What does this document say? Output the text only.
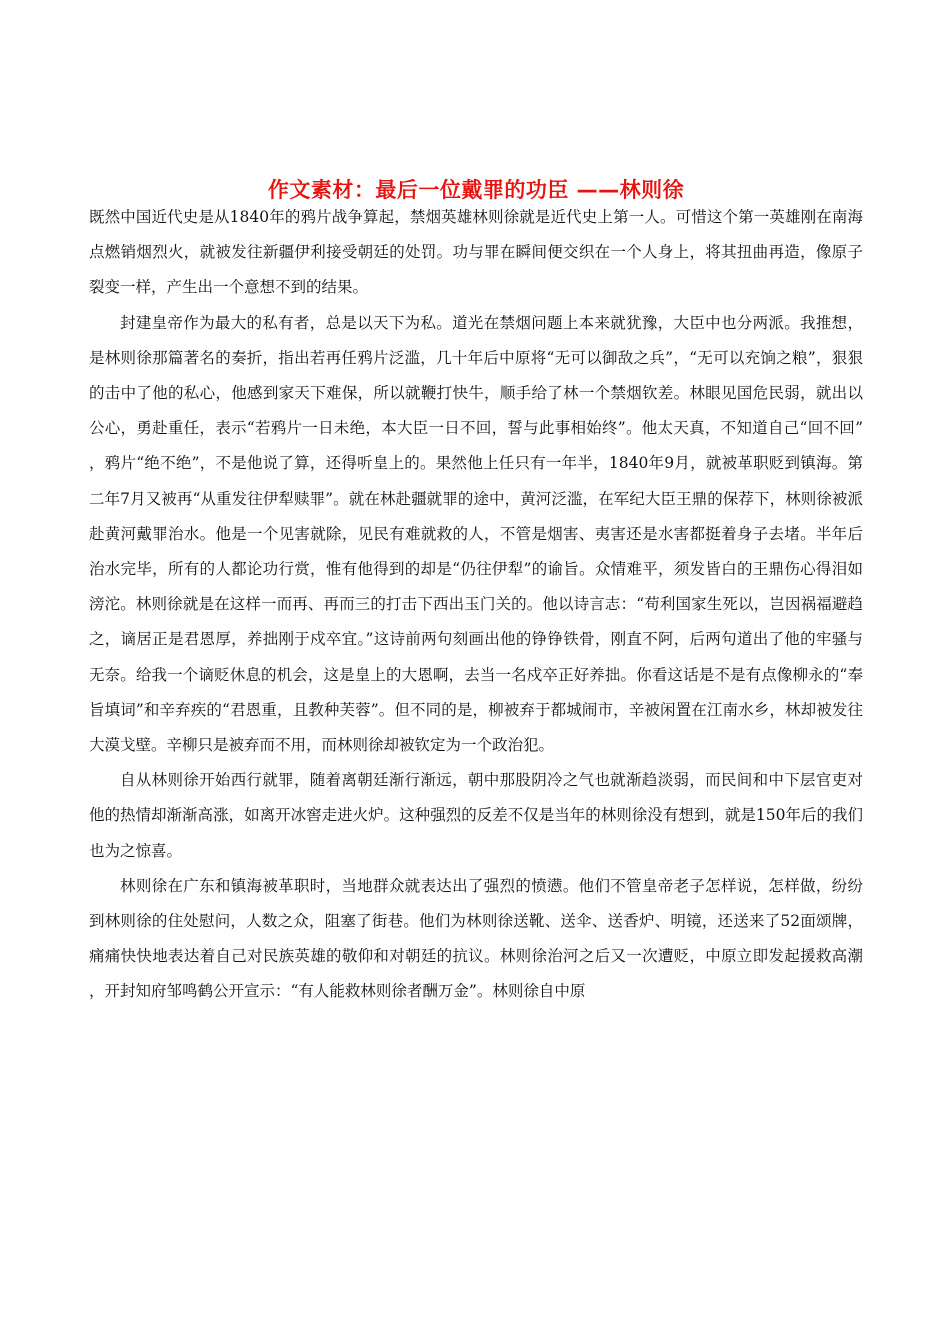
作文素材：最后一位戴罪的功臣 ——林则徐

既然中国近代史是从1840年的鸦片战争算起，禁烟英雄林则徐就是近代史上第一人。可惜这个第一英雄刚在南海点燃销烟烈火，就被发往新疆伊利接受朝廷的处罚。功与罪在瞬间便交织在一个人身上，将其扭曲再造，像原子裂变一样，产生出一个意想不到的结果。

封建皇帝作为最大的私有者，总是以天下为私。道光在禁烟问题上本来就犹豫，大臣中也分两派。我推想，是林则徐那篇著名的奏折，指出若再任鸦片泛滥，几十年后中原将“无可以御敌之兵”，“无可以充饷之粮”，狠狠的击中了他的私心，他感到家天下难保，所以就鞭打快牛，顺手给了林一个禁烟钦差。林眼见国危民弱，就出以公心，勇赴重任，表示“若鸦片一日未绝，本大臣一日不回，誓与此事相始终”。他太天真，不知道自己“回不回”，鸦片“绝不绝”，不是他说了算，还得听皇上的。果然他上任只有一年半，1840年9月，就被革职贬到镇海。第二年7月又被再“从重发往伊犁赎罪”。就在林赴疆就罪的途中，黄河泛滥，在军纪大臣王鼎的保荐下，林则徐被派赴黄河戴罪治水。他是一个见害就除，见民有难就救的人，不管是烟害、夷害还是水害都挺着身子去堵。半年后治水完毕，所有的人都论功行赏，惟有他得到的却是“仍往伊犁”的谕旨。众情难平，须发皆白的王鼎伤心得泪如滂沱。林则徐就是在这样一而再、再而三的打击下西出玉门关的。他以诗言志：“苟利国家生死以，岂因祸福避趋之，谪居正是君恩厚，养拙刚于戍卒宜。”这诗前两句刻画出他的铮铮铁骨，刚直不阿，后两句道出了他的牢骚与无奈。给我一个谪贬休息的机会，这是皇上的大恩啊，去当一名戍卒正好养拙。你看这话是不是有点像柳永的“奉旨填词”和辛弃疾的“君恩重，且教种芙蓉”。但不同的是，柳被弃于都城闹市，辛被闲置在江南水乡，林却被发往大漠戈壁。辛柳只是被弃而不用，而林则徐却被钦定为一个政治犯。

自从林则徐开始西行就罪，随着离朝廷渐行渐远，朝中那股阴冷之气也就渐趋淡弱，而民间和中下层官吏对他的热情却渐渐高涨，如离开冰窖走进火炉。这种强烈的反差不仅是当年的林则徐没有想到，就是150年后的我们也为之惊喜。

林则徐在广东和镇海被革职时，当地群众就表达出了强烈的愤懑。他们不管皇帝老子怎样说，怎样做，纷纷到林则徐的住处慰问，人数之众，阻塞了街巷。他们为林则徐送靴、送伞、送香炉、明镜，还送来了52面颂牌，痛痛快快地表达着自己对民族英雄的敬仰和对朝廷的抗议。林则徐治河之后又一次遭贬，中原立即发起援救高潮，开封知府邹鸣鹤公开宣示：“有人能救林则徐者酬万金”。林则徐自中原
